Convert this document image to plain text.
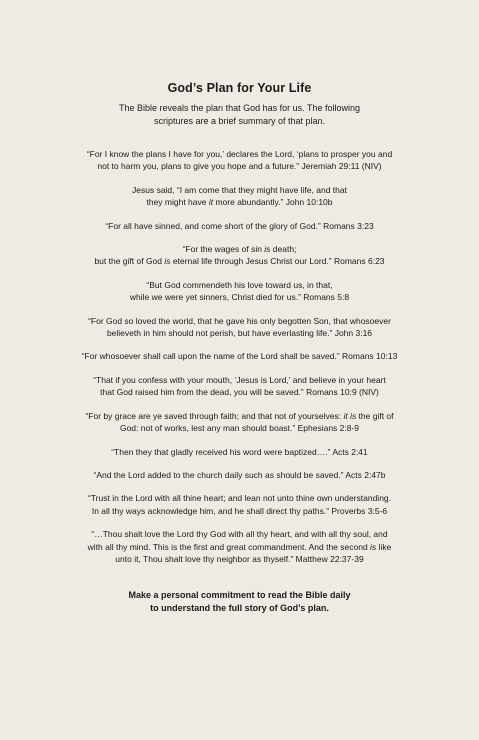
God’s Plan for Your Life

The Bible reveals the plan that God has for us. The following
scriptures are a brief summary of that plan.

“For I know the plans I have for you,’ declares the Lord, ‘plans to prosper you and
not to harm you, plans to give you hope and a future.” Jeremiah 29:11 (NIV)

Jesus said, “I am come that they might have life, and that
they might have it more abundantly.” John 10:10b

“For all have sinned, and come short of the glory of God.” Romans 3:23

“For the wages of sin is death;
but the gift of God is eternal life through Jesus Christ our Lord.” Romans 6:23

“But God commendeth his love toward us, in that,
while we were yet sinners, Christ died for us.” Romans 5:8

“For God so loved the world, that he gave his only begotten Son, that whosoever
believeth in him should not perish, but have everlasting life.” John 3:16

“For whosoever shall call upon the name of the Lord shall be saved.” Romans 10:13

“That if you confess with your mouth, ‘Jesus is Lord,’ and believe in your heart
that God raised him from the dead, you will be saved.” Romans 10:9 (NIV)

“For by grace are ye saved through faith; and that not of yourselves: it is the gift of
God: not of works, lest any man should boast.” Ephesians 2:8-9

“Then they that gladly received his word were baptized….” Acts 2:41

“And the Lord added to the church daily such as should be saved.” Acts 2:47b

“Trust in the Lord with all thine heart; and lean not unto thine own understanding.
In all thy ways acknowledge him, and he shall direct thy paths.” Proverbs 3:5-6

“…Thou shalt love the Lord thy God with all thy heart, and with all thy soul, and
with all thy mind. This is the first and great commandment. And the second is like
unto it, Thou shalt love thy neighbor as thyself.” Matthew 22:37-39

Make a personal commitment to read the Bible daily
to understand the full story of God’s plan.
